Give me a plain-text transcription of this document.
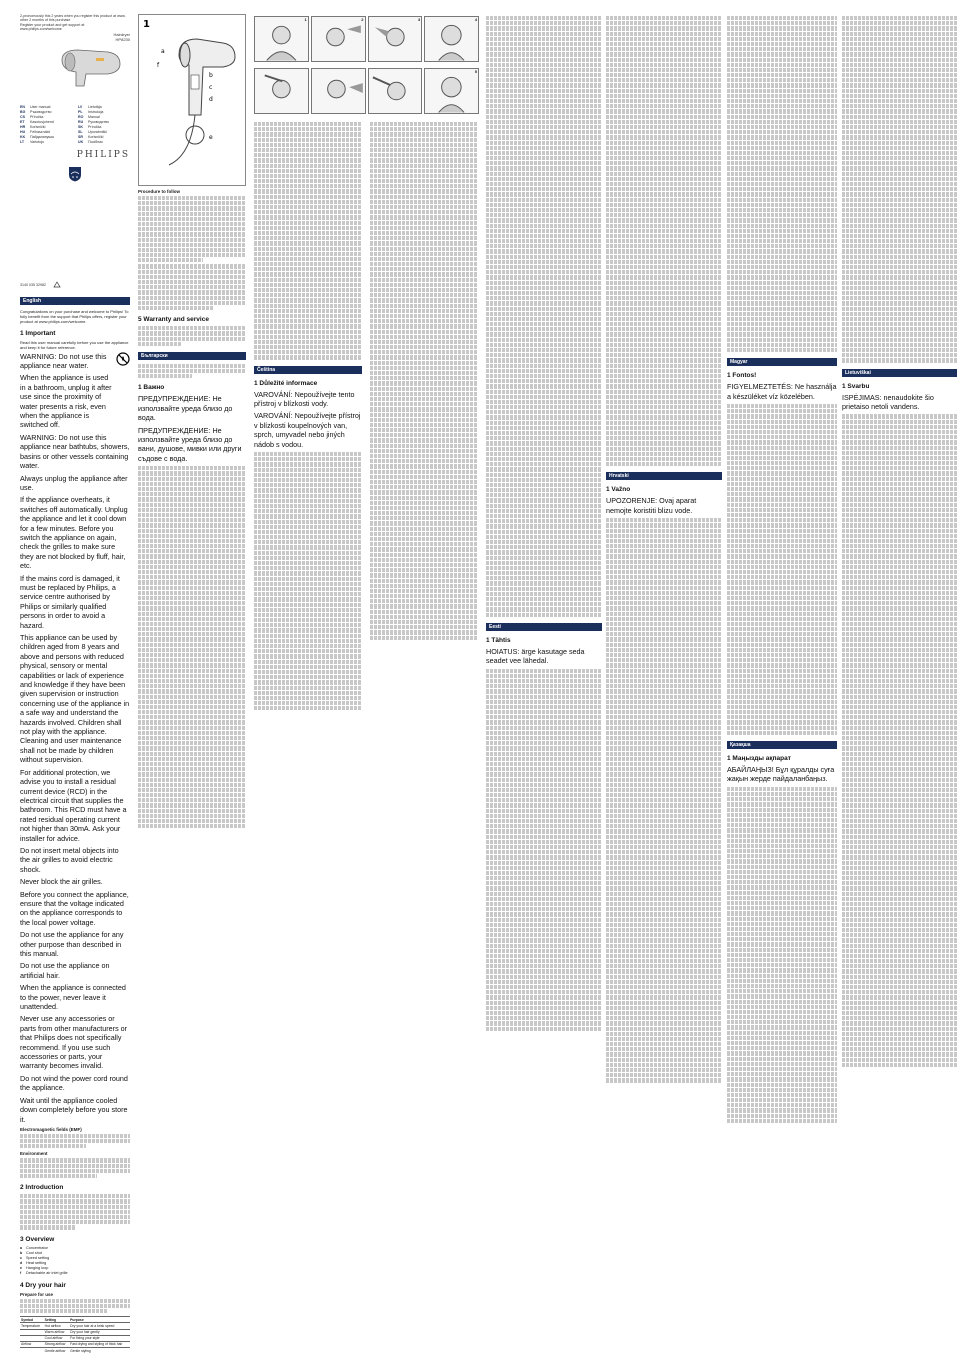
2-pronomously this 2 years when you register this product at www.
other 2 months of this purchase
Register your product and get support at
www.philips.com/welcome
Hairdryer
HP8230
EN User manual	LV Lietotāja
BG Ръководство	PL Instrukcja
CS Příručka	RO Manual
ET Kasutusjuhend	RU Руководство
HR Korisnički	SK Príručka
HU Felhasználói	SL Uporabniški
KK Пайдаланушы	SR Korisnički
LT Vartotojo	UK Посібник
PHILIPS
3140 035 32982
English

Congratulations on your purchase and welcome to Philips! To fully benefit from the support that Philips offers, register your product at www.philips.com/welcome.

1 Important

Read this user manual carefully before you use the appliance and keep it for future reference.

WARNING: Do not use this appliance near water.

When the appliance is used in a bathroom, unplug it after use since the proximity of water presents a risk, even when the appliance is switched off.

WARNING: Do not use this appliance near bathtubs, showers, basins or other vessels containing water.

Always unplug the appliance after use.

If the appliance overheats, it switches off automatically. Unplug the appliance and let it cool down for a few minutes. Before you switch the appliance on again, check the grilles to make sure they are not blocked by fluff, hair, etc.

If the mains cord is damaged, it must be replaced by Philips, a service centre authorised by Philips or similarly qualified persons in order to avoid a hazard.

This appliance can be used by children aged from 8 years and above and persons with reduced physical, sensory or mental capabilities or lack of experience and knowledge if they have been given supervision or instruction concerning use of the appliance in a safe way and understand the hazards involved. Children shall not play with the appliance. Cleaning and user maintenance shall not be made by children without supervision.

For additional protection, we advise you to install a residual current device (RCD) in the electrical circuit that supplies the bathroom. This RCD must have a rated residual operating current not higher than 30mA. Ask your installer for advice.

Do not insert metal objects into the air grilles to avoid electric shock.

Never block the air grilles.

Before you connect the appliance, ensure that the voltage indicated on the appliance corresponds to the local power voltage.

Do not use the appliance for any other purpose than described in this manual.

Do not use the appliance on artificial hair.

When the appliance is connected to the power, never leave it unattended.

Never use any accessories or parts from other manufacturers or that Philips does not specifically recommend. If you use such accessories or parts, your warranty becomes invalid.

Do not wind the power cord round the appliance.

Wait until the appliance cooled down completely before you store it.

Electromagnetic fields (EMF)
Environment
2 Introduction
3 Overview
a Concentrator
b Cool shot
c Speed setting
d Heat setting
e Hanging loop
f Detachable air inlet grille
4 Dry your hair
Prepare for use
Symbol	Setting	Purpose
Temperature	Hot airflow	Dry your hair at a brisk speed
	Warm airflow	Dry your hair gently
	Cool airflow	For fixing your style
Airflow	Strong airflow	Fast drying and styling of thick hair
	Gentle airflow	Gentle styling
1
a
b
c
d
e
f
Procedure to follow
5 Warranty and service
Български
1 Важно

ПРЕДУПРЕЖДЕНИЕ: Не използвайте уреда близо до вода.

ПРЕДУПРЕЖДЕНИЕ: Не използвайте уреда близо до вани, душове, мивки или други съдове с вода.

1	2	3	4
5
Čeština
1 Důležité informace

VAROVÁNÍ: Nepoužívejte tento přístroj v blízkosti vody.

VAROVÁNÍ: Nepoužívejte přístroj v blízkosti koupelnových van, sprch, umyvadel nebo jiných nádob s vodou.

Eesti
1 Tähtis

HOIATUS: ärge kasutage seda seadet vee lähedal.

Hrvatski
1 Važno

UPOZORENJE: Ovaj aparat nemojte koristiti blizu vode.

Magyar
1 Fontos!

FIGYELMEZTETÉS: Ne használja a készüléket víz közelében.

Қазақша
1 Маңызды ақпарат

АБАЙЛАҢЫЗ! Бұл құралды суға жақын жерде пайдаланбаңыз.

Lietuviškai
1 Svarbu

ISPĖJIMAS: nenaudokite šio prietaiso netoli vandens.
